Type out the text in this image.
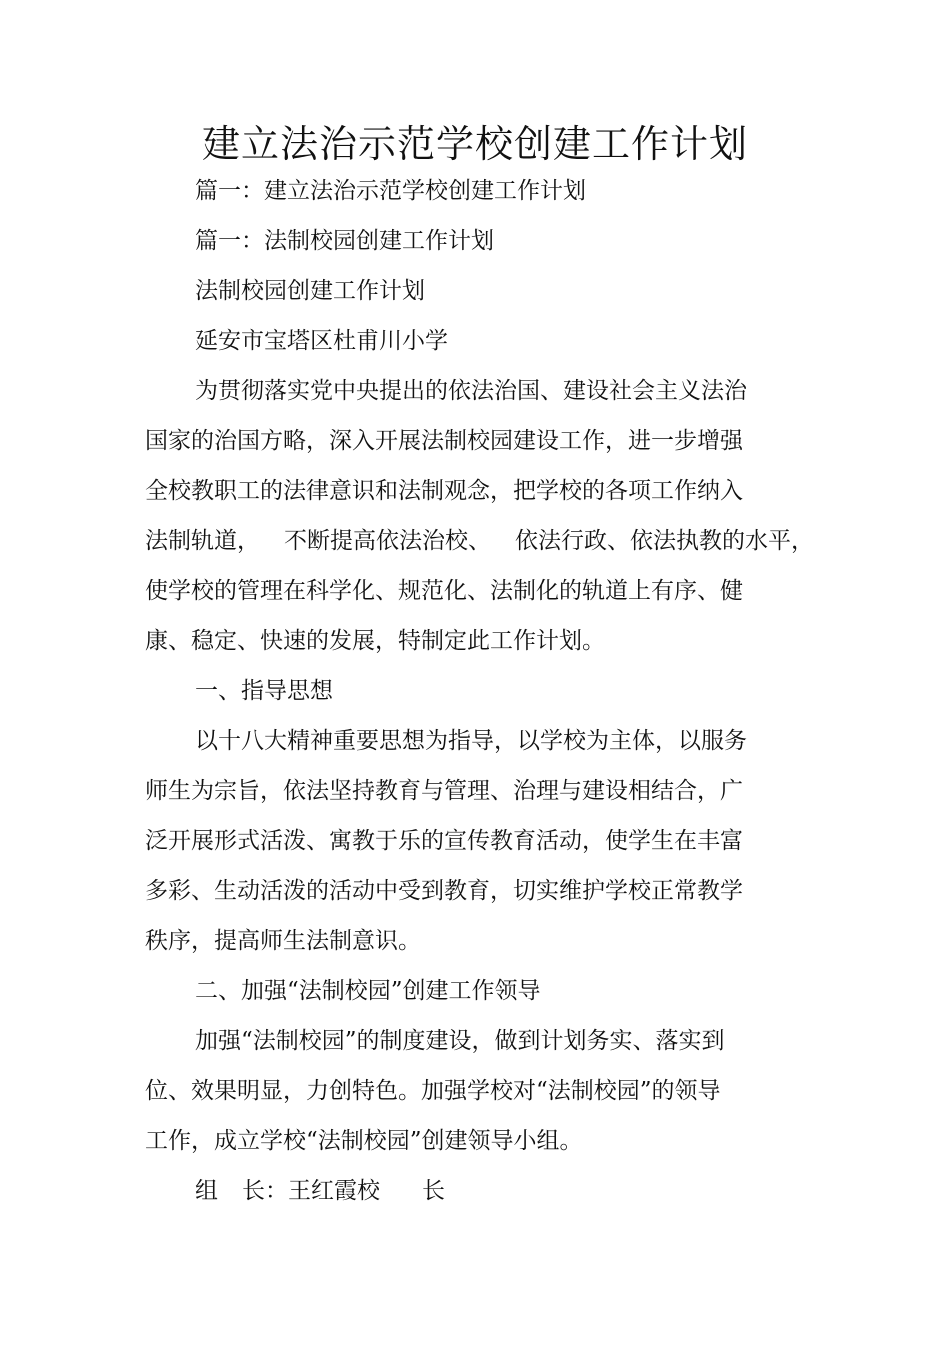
建立法治示范学校创建工作计划
篇一：建立法治示范学校创建工作计划
篇一：法制校园创建工作计划
法制校园创建工作计划
延安市宝塔区杜甫川小学
为贯彻落实党中央提出的依法治国、建设社会主义法治
国家的治国方略，深入开展法制校园建设工作，进一步增强
全校教职工的法律意识和法制观念，把学校的各项工作纳入
法制轨道， 不断提高依法治校、 依法行政、依法执教的水平，
使学校的管理在科学化、规范化、法制化的轨道上有序、健
康、稳定、快速的发展，特制定此工作计划。
一、指导思想
以十八大精神重要思想为指导，以学校为主体，以服务
师生为宗旨，依法坚持教育与管理、治理与建设相结合，广
泛开展形式活泼、寓教于乐的宣传教育活动，使学生在丰富
多彩、生动活泼的活动中受到教育，切实维护学校正常教学
秩序，提高师生法制意识。
二、加强“法制校园”创建工作领导
加强“法制校园”的制度建设，做到计划务实、落实到
位、效果明显，力创特色。加强学校对“法制校园”的领导
工作，成立学校“法制校园”创建领导小组。
组 长：王红霞校 长
